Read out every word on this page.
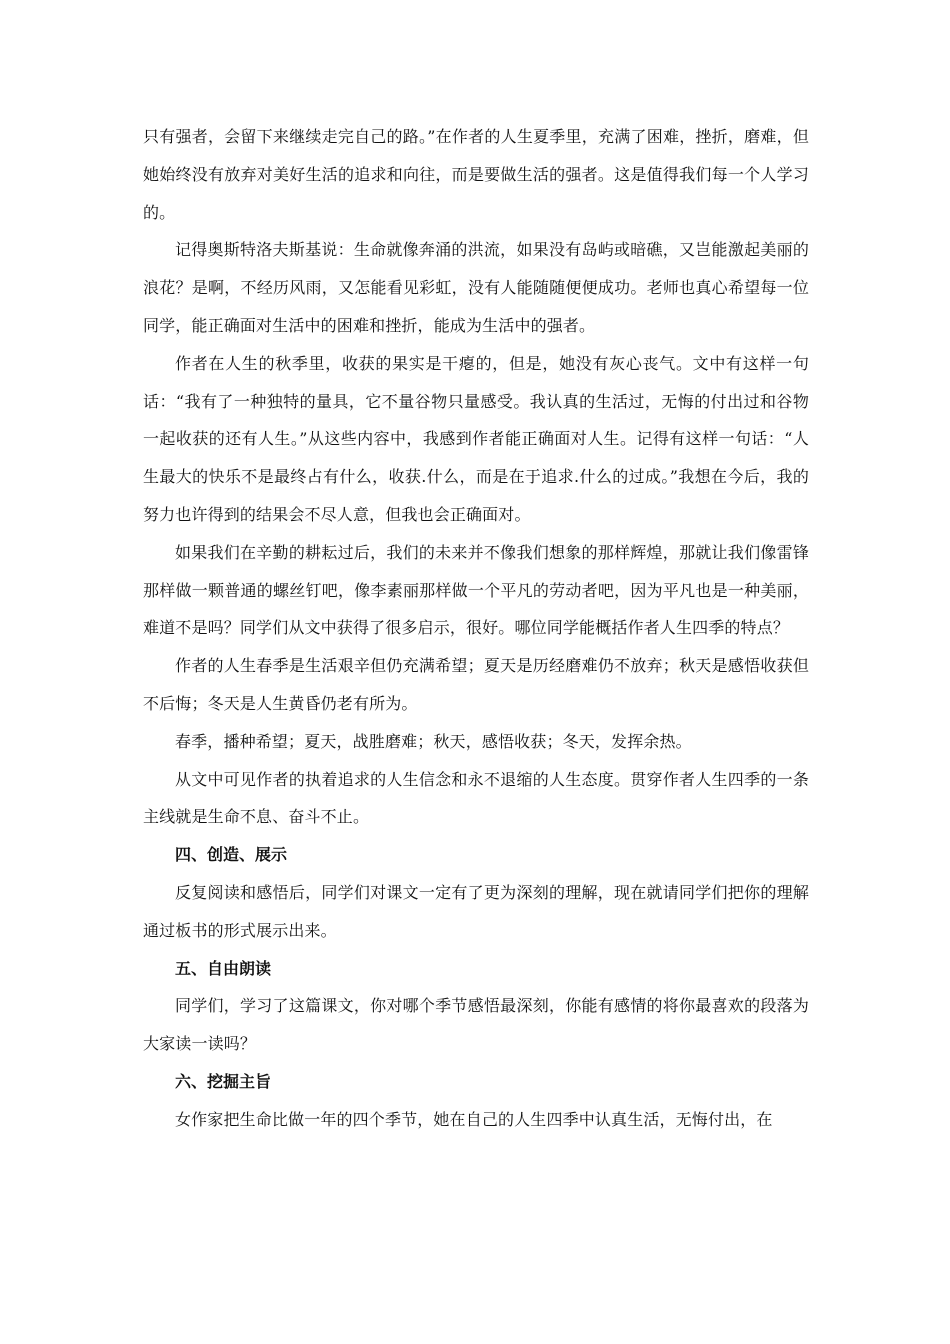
只有强者，会留下来继续走完自己的路。”在作者的人生夏季里，充满了困难，挫折，磨难，但她始终没有放弃对美好生活的追求和向往，而是要做生活的强者。这是值得我们每一个人学习的。

记得奥斯特洛夫斯基说：生命就像奔涌的洪流，如果没有岛屿或暗礁，又岂能激起美丽的浪花？是啊，不经历风雨，又怎能看见彩虹，没有人能随随便便成功。老师也真心希望每一位同学，能正确面对生活中的困难和挫折，能成为生活中的强者。

作者在人生的秋季里，收获的果实是干瘪的，但是，她没有灰心丧气。文中有这样一句话：“我有了一种独特的量具，它不量谷物只量感受。我认真的生活过，无悔的付出过和谷物一起收获的还有人生。”从这些内容中，我感到作者能正确面对人生。记得有这样一句话：“人生最大的快乐不是最终占有什么，收获.什么，而是在于追求.什么的过成。”我想在今后，我的努力也许得到的结果会不尽人意，但我也会正确面对。

如果我们在辛勤的耕耘过后，我们的未来并不像我们想象的那样辉煌，那就让我们像雷锋那样做一颗普通的螺丝钉吧，像李素丽那样做一个平凡的劳动者吧，因为平凡也是一种美丽，难道不是吗？同学们从文中获得了很多启示，很好。哪位同学能概括作者人生四季的特点？

作者的人生春季是生活艰辛但仍充满希望；夏天是历经磨难仍不放弃；秋天是感悟收获但不后悔；冬天是人生黄昏仍老有所为。

春季，播种希望；夏天，战胜磨难；秋天，感悟收获；冬天，发挥余热。

从文中可见作者的执着追求的人生信念和永不退缩的人生态度。贯穿作者人生四季的一条主线就是生命不息、奋斗不止。

四、创造、展示

反复阅读和感悟后，同学们对课文一定有了更为深刻的理解，现在就请同学们把你的理解通过板书的形式展示出来。

五、自由朗读

同学们，学习了这篇课文，你对哪个季节感悟最深刻，你能有感情的将你最喜欢的段落为大家读一读吗？

六、挖掘主旨

女作家把生命比做一年的四个季节，她在自己的人生四季中认真生活，无悔付出，在
